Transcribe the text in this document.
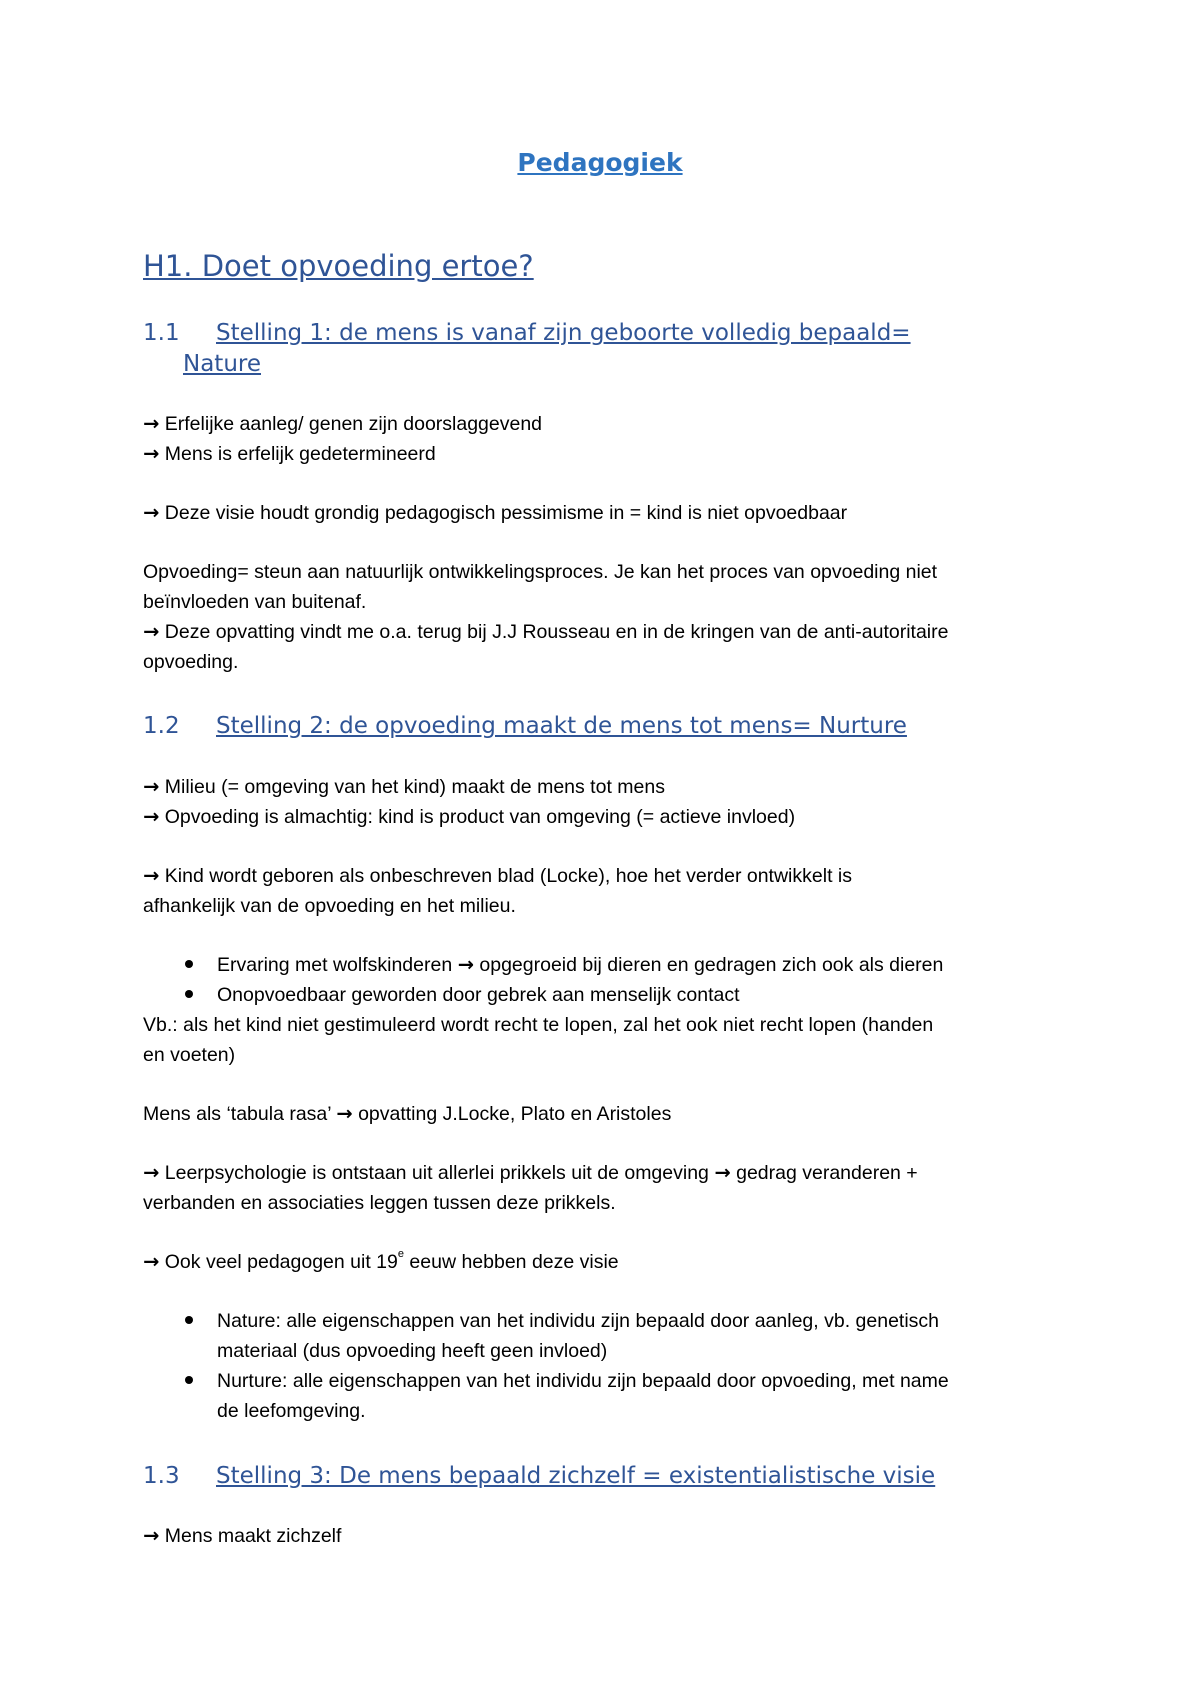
Pedagogiek
H1. Doet opvoeding ertoe?
1.1 Stelling 1: de mens is vanaf zijn geboorte volledig bepaald=
Nature
→ Erfelijke aanleg/ genen zijn doorslaggevend
→ Mens is erfelijk gedetermineerd
→ Deze visie houdt grondig pedagogisch pessimisme in = kind is niet opvoedbaar
Opvoeding= steun aan natuurlijk ontwikkelingsproces. Je kan het proces van opvoeding niet
beïnvloeden van buitenaf.
→ Deze opvatting vindt me o.a. terug bij J.J Rousseau en in de kringen van de anti-autoritaire
opvoeding.
1.2 Stelling 2: de opvoeding maakt de mens tot mens= Nurture
→ Milieu (= omgeving van het kind) maakt de mens tot mens
→ Opvoeding is almachtig: kind is product van omgeving (= actieve invloed)
→ Kind wordt geboren als onbeschreven blad (Locke), hoe het verder ontwikkelt is
afhankelijk van de opvoeding en het milieu.
Ervaring met wolfskinderen → opgegroeid bij dieren en gedragen zich ook als dieren
Onopvoedbaar geworden door gebrek aan menselijk contact
Vb.: als het kind niet gestimuleerd wordt recht te lopen, zal het ook niet recht lopen (handen
en voeten)
Mens als ‘tabula rasa’ → opvatting J.Locke, Plato en Aristoles
→ Leerpsychologie is ontstaan uit allerlei prikkels uit de omgeving → gedrag veranderen +
verbanden en associaties leggen tussen deze prikkels.
→ Ook veel pedagogen uit 19e eeuw hebben deze visie
Nature: alle eigenschappen van het individu zijn bepaald door aanleg, vb. genetisch
materiaal (dus opvoeding heeft geen invloed)
Nurture: alle eigenschappen van het individu zijn bepaald door opvoeding, met name
de leefomgeving.
1.3 Stelling 3: De mens bepaald zichzelf = existentialistische visie
→ Mens maakt zichzelf
